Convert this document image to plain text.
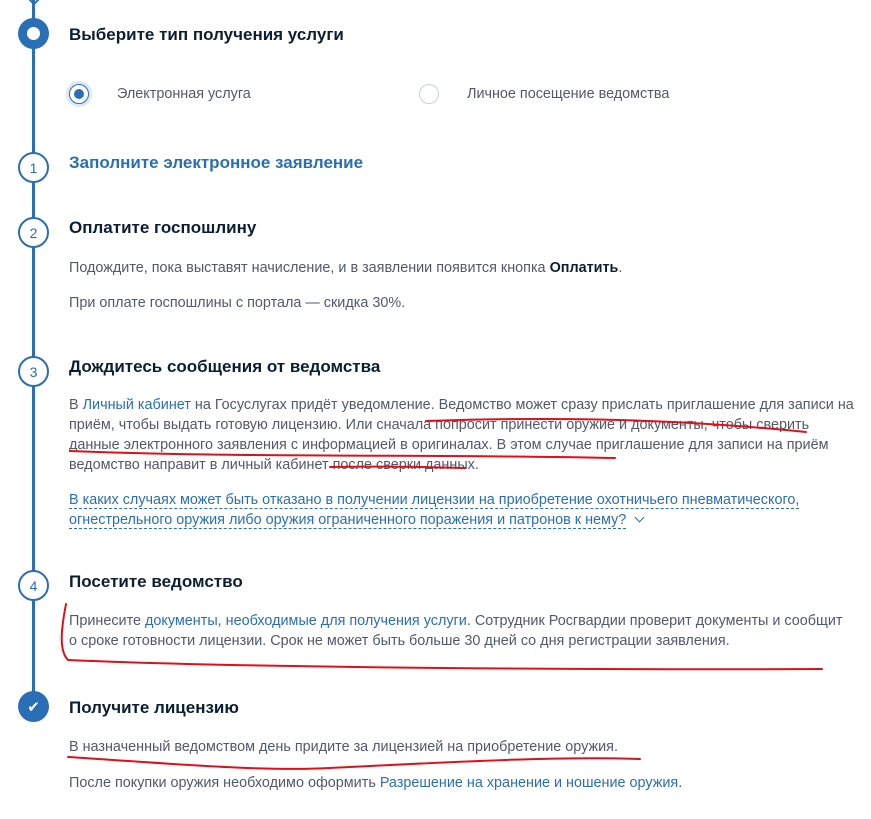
Выберите тип получения услуги
Электронная услуга	Личное посещение ведомства
1	Заполните электронное заявление
2	Оплатите госпошлину
Подождите, пока выставят начисление, и в заявлении появится кнопка Оплатить.
При оплате госпошлины с портала — скидка 30%.
3	Дождитесь сообщения от ведомства
В Личный кабинет на Госуслугах придёт уведомление. Ведомство может сразу прислать приглашение для записи на приём, чтобы выдать готовую лицензию. Или сначала попросит принести оружие и документы, чтобы сверить данные электронного заявления с информацией в оригиналах. В этом случае приглашение для записи на приём ведомство направит в личный кабинет после сверки данных.
В каких случаях может быть отказано в получении лицензии на приобретение охотничьего пневматического, огнестрельного оружия либо оружия ограниченного поражения и патронов к нему?
4	Посетите ведомство
Принесите документы, необходимые для получения услуги. Сотрудник Росгвардии проверит документы и сообщит о сроке готовности лицензии. Срок не может быть больше 30 дней со дня регистрации заявления.
✔	Получите лицензию
В назначенный ведомством день придите за лицензией на приобретение оружия.
После покупки оружия необходимо оформить Разрешение на хранение и ношение оружия.
